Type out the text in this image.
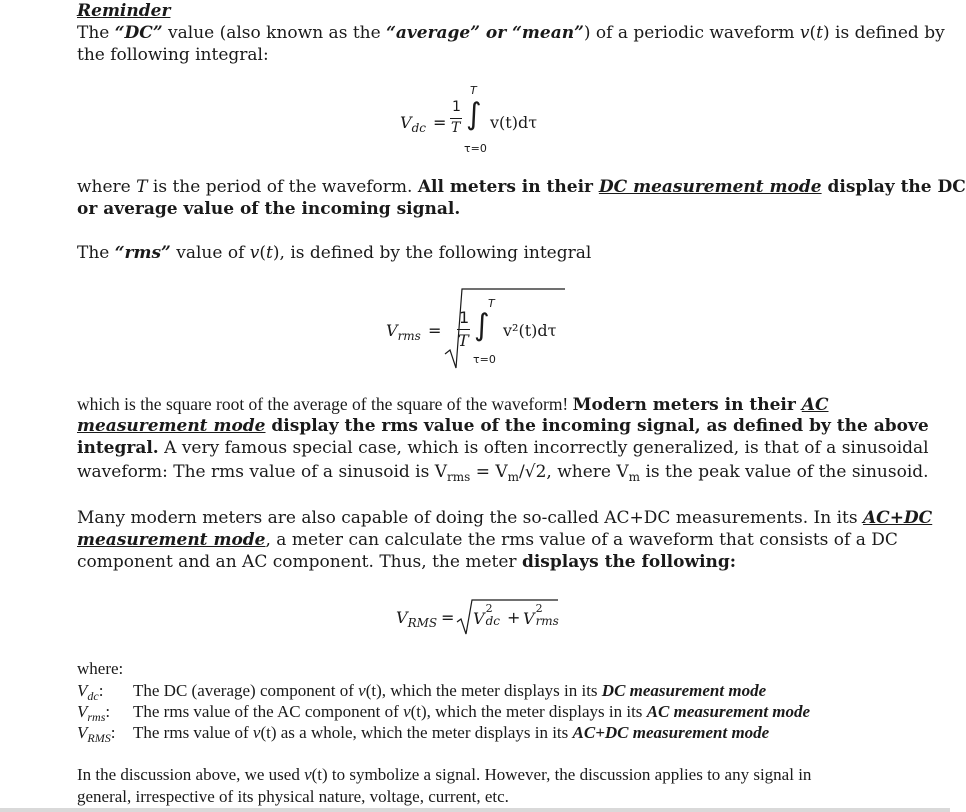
Reminder
The “DC” value (also known as the “average” or “mean”) of a periodic waveform v(t) is defined by
the following integral:
$V_{dc}$ =
1
T ∫
T
τ=0
v(t)dτ
where T is the period of the waveform. All meters in their DC measurement mode display the DC
or average value of the incoming signal.
The “rms” value of v(t), is defined by the following integral
$V_{rms}$ =
1
T ∫
T
τ=0
v²(t)dτ
which is the square root of the average of the square of the waveform! Modern meters in their AC
measurement mode display the rms value of the incoming signal, as defined by the above
integral. A very famous special case, which is often incorrectly generalized, is that of a sinusoidal
waveform: The rms value of a sinusoid is $V_{rms} = V_m/√2$, where $V_m$ is the peak value of the sinusoid.
Many modern meters are also capable of doing the so-called AC+DC measurements. In its AC+DC
measurement mode, a meter can calculate the rms value of a waveform that consists of a DC
component and an AC component. Thus, the meter displays the following:
$V_{RMS} = V$
2
dc + V
2
rms
where:
$V_{dc}$: The DC (average) component of v(t), which the meter displays in its DC measurement mode
$V_{rms}$: The rms value of the AC component of v(t), which the meter displays in its AC measurement mode
$V_{RMS}$: The rms value of v(t) as a whole, which the meter displays in its AC+DC measurement mode
In the discussion above, we used v(t) to symbolize a signal. However, the discussion applies to any signal in
general, irrespective of its physical nature, voltage, current, etc.
